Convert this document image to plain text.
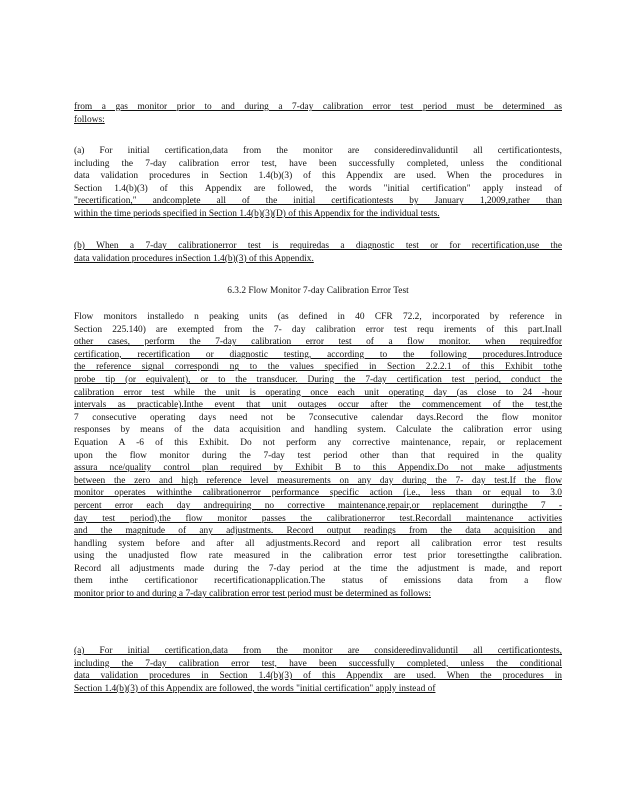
from a gas monitor prior to and during a 7-day calibration error test period must be determined as
follows:
(a) For initial certification,data from the monitor are consideredinvaliduntil all certificationtests,
including the 7-day calibration error test, have been successfully completed, unless the conditional
data validation procedures in Section 1.4(b)(3) of this Appendix are used. When the procedures in
Section 1.4(b)(3) of this Appendix are followed, the words "initial certification" apply instead of
"recertification," andcomplete all of the initial certificationtests by January 1,2009,rather than
within the time periods specified in Section 1.4(b)(3)(D) of this Appendix for the individual tests.
(b) When a 7-day calibrationerror test is requiredas a diagnostic test or for recertification,use the
data validation procedures inSection 1.4(b)(3) of this Appendix.
6.3.2 Flow Monitor 7-day Calibration Error Test
Flow monitors installedo n peaking units (as defined in 40 CFR 72.2, incorporated by reference in
Section 225.140) are exempted from the 7- day calibration error test requ irements of this part.Inall
other cases, perform the 7-day calibration error test of a flow monitor. when requiredfor
certification, recertification or diagnostic testing, according to the following procedures.Introduce
the reference signal correspondi ng to the values specified in Section 2.2.2.1 of this Exhibit tothe
probe tip (or equivalent), or to the transducer. During the 7-day certification test period, conduct the
calibration error test while the unit is operating once each unit operating day (as close to 24 -hour
intervals as practicable).Inthe event that unit outages occur after the commencement of the test,the
7 consecutive operating days need not be 7consecutive calendar days.Record the flow monitor
responses by means of the data acquisition and handling system. Calculate the calibration error using
Equation A -6 of this Exhibit. Do not perform any corrective maintenance, repair, or replacement
upon the flow monitor during the 7-day test period other than that required in the quality
assura nce/quality control plan required by Exhibit B to this Appendix.Do not make adjustments
between the zero and high reference level measurements on any day during the 7- day test.If the flow
monitor operates withinthe calibrationerror performance specific action (i.e., less than or equal to 3.0
percent error each day andrequiring no corrective maintenance,repair,or replacement duringthe 7 -
day test period),the flow monitor passes the calibrationerror test.Recordall maintenance activities
and the magnitude of any adjustments. Record output readings from the data acquisition and
handling system before and after all adjustments.Record and report all calibration error test results
using the unadjusted flow rate measured in the calibration error test prior toresettingthe calibration.
Record all adjustments made during the 7-day period at the time the adjustment is made, and report
them inthe certificationor recertificationapplication.The status of emissions data from a flow
monitor prior to and during a 7-day calibration error test period must be determined as follows:
(a) For initial certification,data from the monitor are consideredinvaliduntil all certificationtests,
including the 7-day calibration error test, have been successfully completed, unless the conditional
data validation procedures in Section 1.4(b)(3) of this Appendix are used. When the procedures in
Section 1.4(b)(3) of this Appendix are followed, the words "initial certification" apply instead of
